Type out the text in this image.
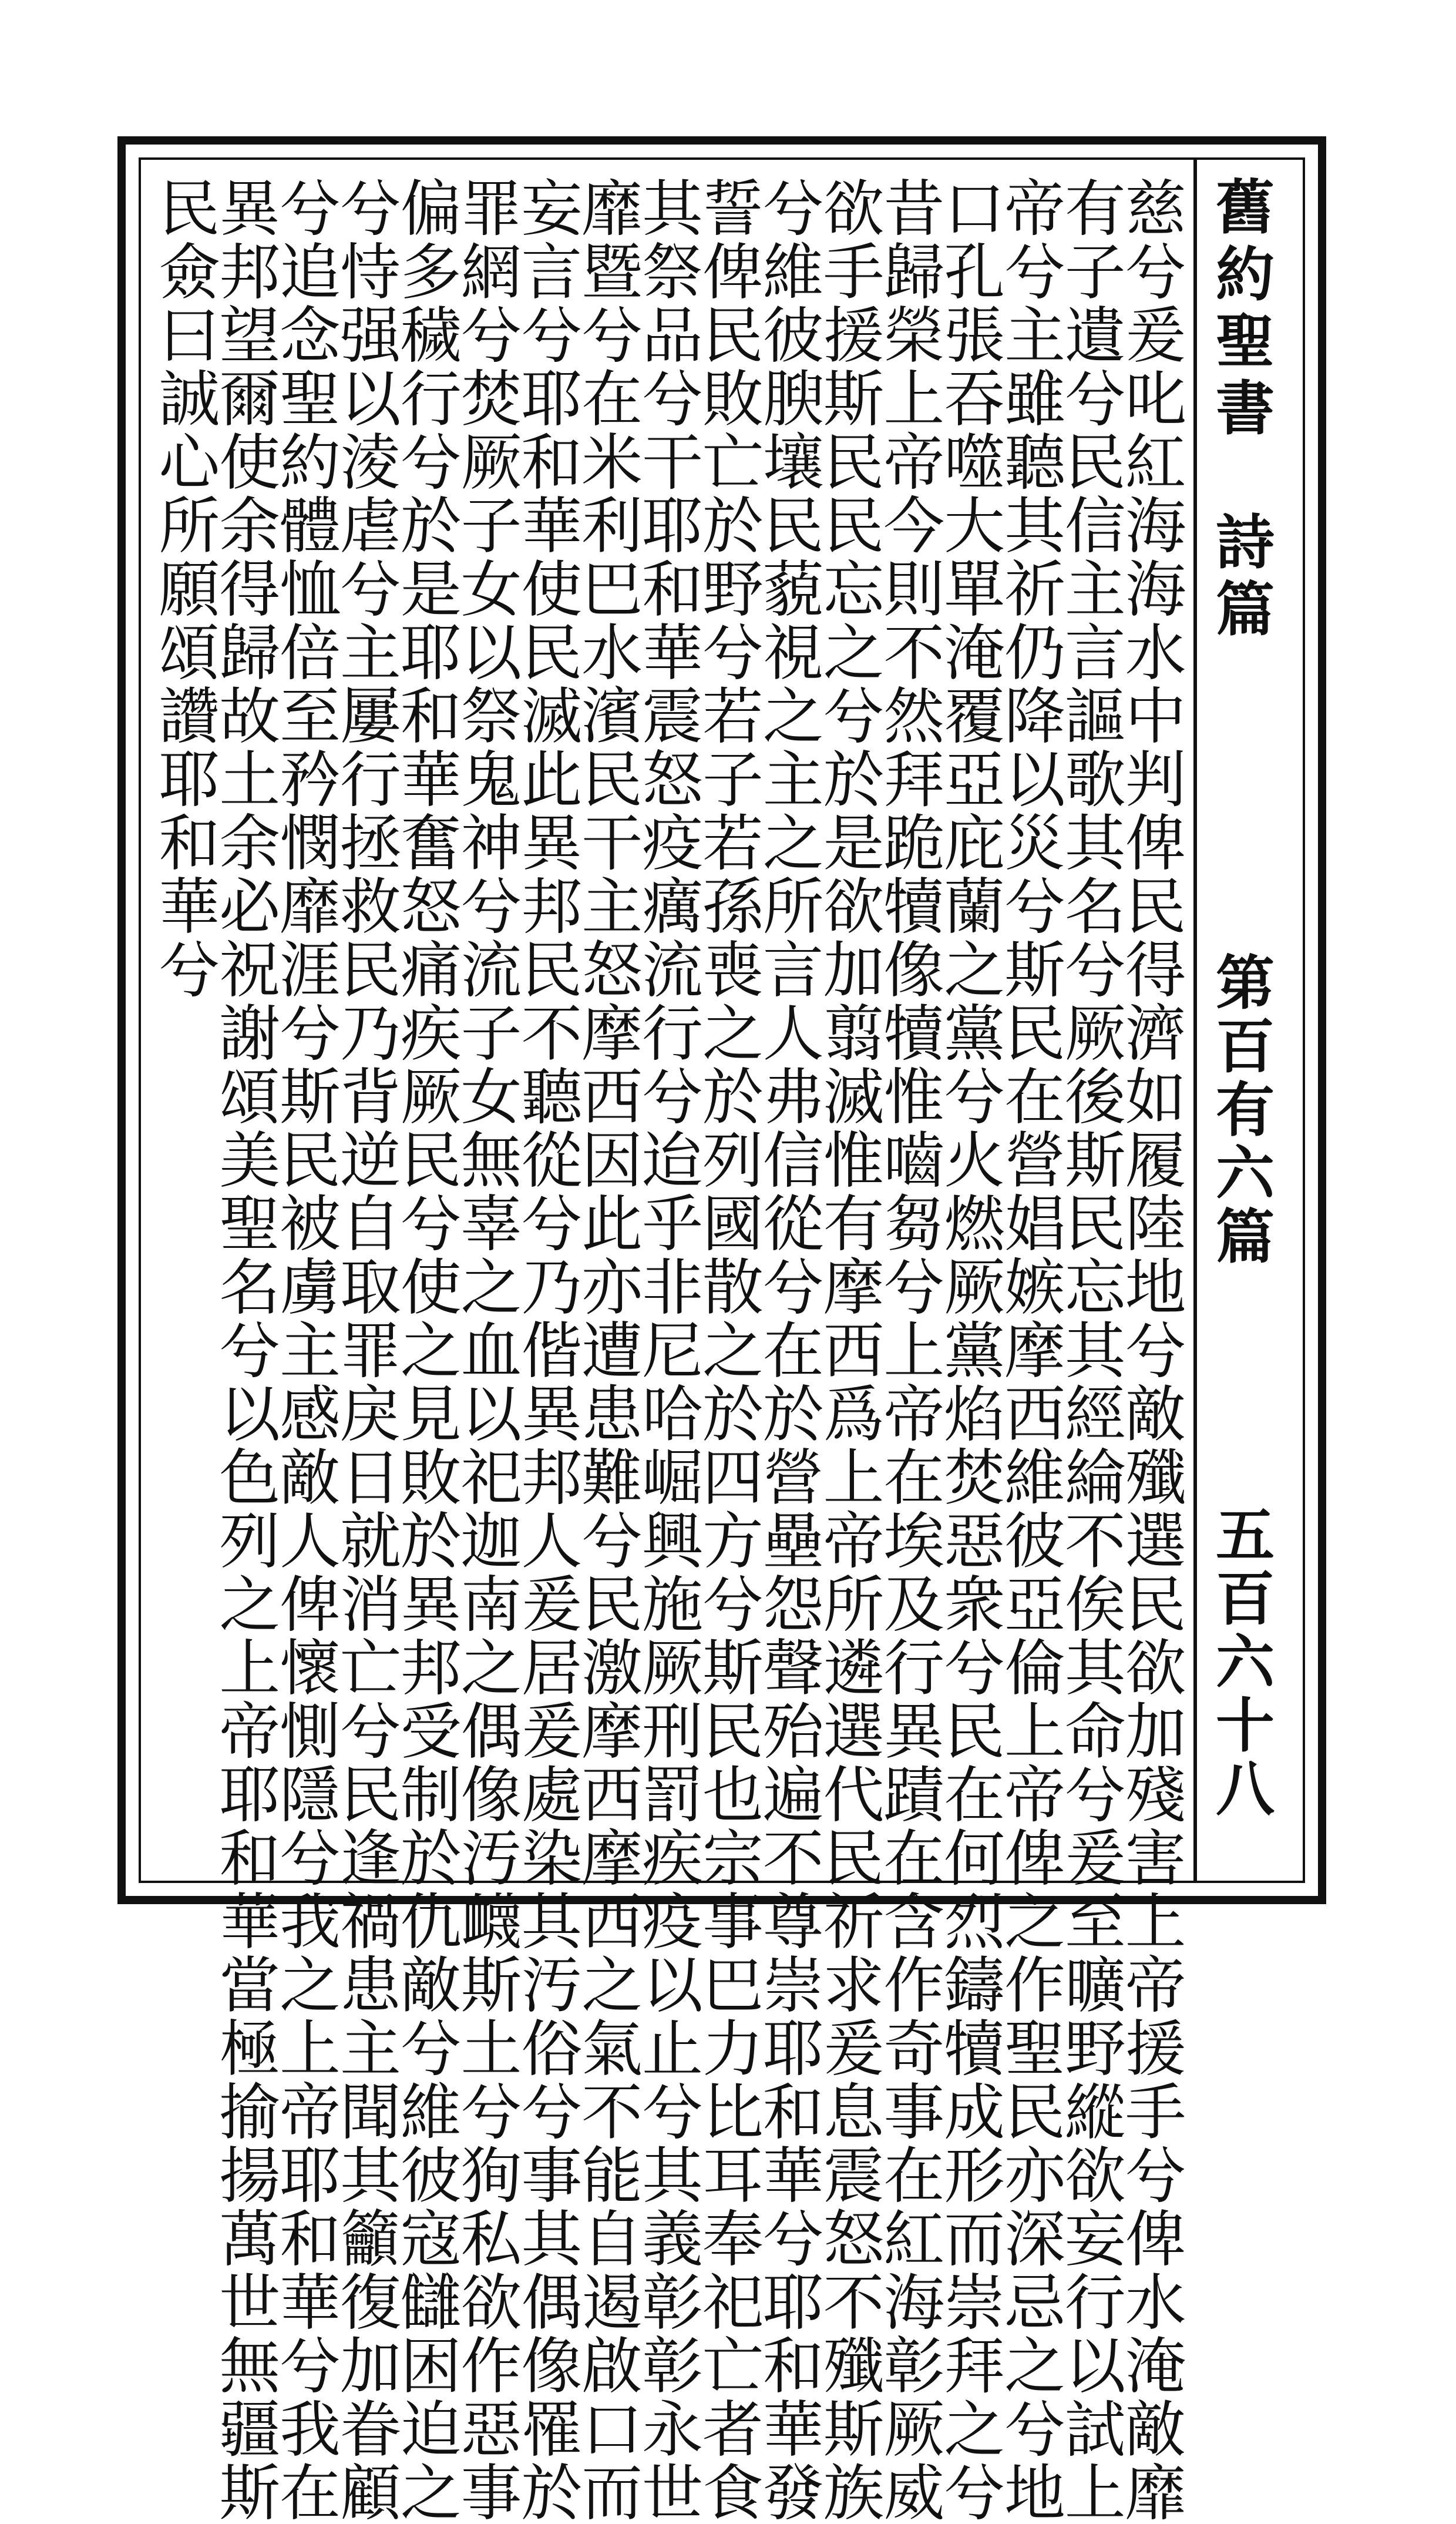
舊約聖書　詩篇
第百有六篇
五百六十八
慈兮爰叱紅海海水中判俾民得濟如履陸地兮敵殲選民欲加殘害上帝援手兮俾水淹敵靡
有子遺兮民信主言謳歌其名兮厥後斯民忘其經綸不俟其命兮爰至曠野縱欲妄行以試上
帝兮主雖聽其祈仍降以災兮斯民在營娼嫉摩西維彼亞倫上帝俾之作聖民亦深忌之兮地
口孔張吞噬大單淹覆亞庇蘭之黨兮火燃厥黨焰焚惡衆兮民在何烈鑄犢成形而崇拜之兮
昔歸榮上帝今則不然拜跪犢像犢惟嚙芻兮上帝在埃及行異蹟在含作奇事在紅海彰厥威
欲手援斯民民忘之兮於是欲加翦滅惟有摩西爲上帝所遴選代民祈求爰息震怒不殲斯族
兮維彼腴壤民藐視之主之所言人弗信從兮在於營壘怨聲殆遍不尊崇耶和華兮耶和華發
誓俾民敗亡於野兮若子若孫喪之於列國散之於四方兮斯民也宗事巴力比耳奉祀亡者食
其祭品兮干耶和華震怒疫癘流行兮迨乎非尼哈崛興施厥刑罰疾疫以止兮其義彰彰永世
靡暨兮在米利巴水濱民干主怒摩西因此亦遭患難兮民激摩西摩西之氣不能自遏啟口而
妄言兮耶和華使民滅此異邦民不聽從兮乃偕異邦人爰居爰處染其汚俗兮事其偶像罹於
罪網兮焚厥子女以祭鬼神兮流子女無辜之血以祀迦南之偶像汚衊斯土兮狥私欲作惡事
偏多穢行兮於是耶和華奮怒痛疾厥民兮使之見敗於異邦受制於仇敵兮維彼寇讎困迫之
兮恃强以淩虐兮主屢行拯救民乃背逆自取罪戾日就消亡兮民逢禍患主聞其籲復加眷顧
兮追念聖約體恤倍至矜憫靡涯兮斯民被虜主感敵人俾懷惻隱兮我之上帝耶和華兮我在
異邦望爾使余得歸故土余必祝謝頌美聖名兮以色列之上帝耶和華當極揄揚萬世無疆斯
民僉曰誠心所願頌讚耶和華兮
